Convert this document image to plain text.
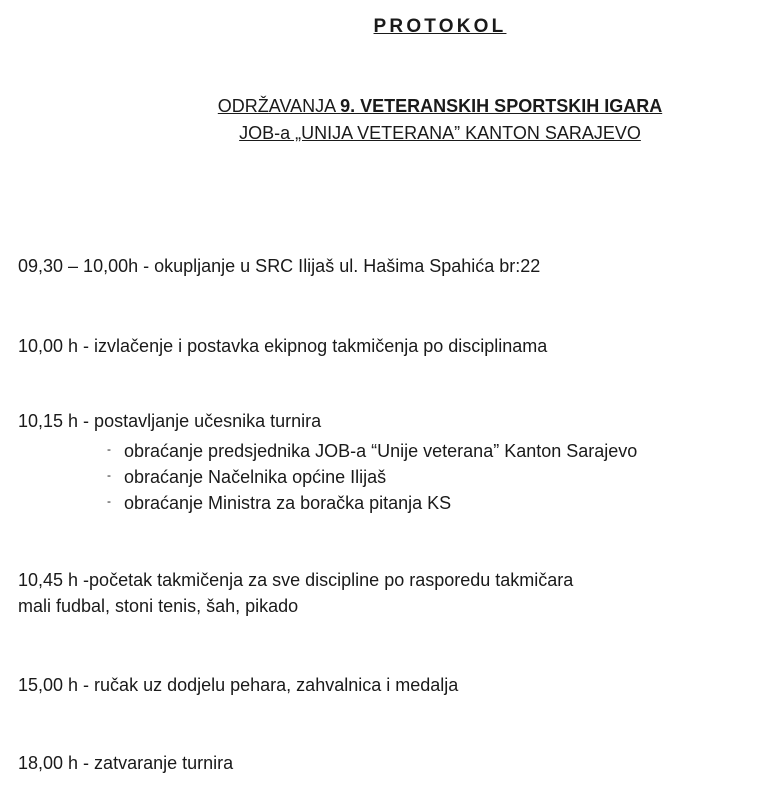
PROTOKOL
ODRŽAVANJA 9. VETERANSKIH SPORTSKIH IGARA
JOB-a „UNIJA VETERANA” KANTON SARAJEVO
09,30 – 10,00h - okupljanje u SRC Ilijaš ul. Hašima Spahića br:22
10,00 h - izvlačenje i postavka ekipnog takmičenja po disciplinama
10,15 h - postavljanje učesnika turnira
- obraćanje predsjednika JOB-a “Unije veterana” Kanton Sarajevo
- obraćanje Načelnika općine Ilijaš
- obraćanje Ministra za boračka pitanja KS
10,45 h -početak takmičenja za sve discipline po rasporedu takmičara
mali fudbal, stoni tenis, šah, pikado
15,00 h - ručak uz dodjelu pehara, zahvalnica i medalja
18,00 h - zatvaranje turnira
